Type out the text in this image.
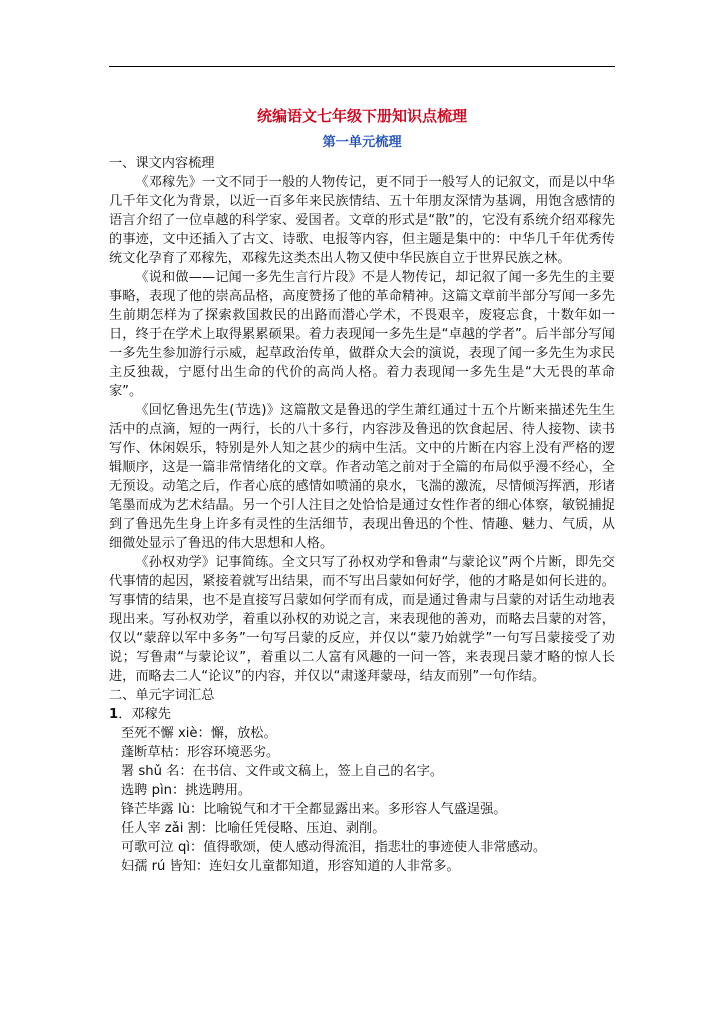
统编语文七年级下册知识点梳理
第一单元梳理
一、课文内容梳理

《邓稼先》一文不同于一般的人物传记，更不同于一般写人的记叙文，而是以中华几千年文化为背景，以近一百多年来民族情结、五十年朋友深情为基调，用饱含感情的语言介绍了一位卓越的科学家、爱国者。文章的形式是“散”的，它没有系统介绍邓稼先的事迹，文中还插入了古文、诗歌、电报等内容，但主题是集中的：中华几千年优秀传统文化孕育了邓稼先，邓稼先这类杰出人物又使中华民族自立于世界民族之林。

《说和做——记闻一多先生言行片段》不是人物传记，却记叙了闻一多先生的主要事略，表现了他的崇高品格，高度赞扬了他的革命精神。这篇文章前半部分写闻一多先生前期怎样为了探索救国救民的出路而潜心学术，不畏艰辛，废寝忘食，十数年如一日，终于在学术上取得累累硕果。着力表现闻一多先生是“卓越的学者”。后半部分写闻一多先生参加游行示威，起草政治传单，做群众大会的演说，表现了闻一多先生为求民主反独裁，宁愿付出生命的代价的高尚人格。着力表现闻一多先生是“大无畏的革命家”。

《回忆鲁迅先生(节选)》这篇散文是鲁迅的学生萧红通过十五个片断来描述先生生活中的点滴，短的一两行，长的八十多行，内容涉及鲁迅的饮食起居、待人接物、读书写作、休闲娱乐，特别是外人知之甚少的病中生活。文中的片断在内容上没有严格的逻辑顺序，这是一篇非常情绪化的文章。作者动笔之前对于全篇的布局似乎漫不经心，全无预设。动笔之后，作者心底的感情如喷涌的泉水，飞湍的激流，尽情倾泻挥洒，形诸笔墨而成为艺术结晶。另一个引人注目之处恰恰是通过女性作者的细心体察，敏锐捕捉到了鲁迅先生身上许多有灵性的生活细节，表现出鲁迅的个性、情趣、魅力、气质，从细微处显示了鲁迅的伟大思想和人格。

《孙权劝学》记事简练。全文只写了孙权劝学和鲁肃“与蒙论议”两个片断，即先交代事情的起因，紧接着就写出结果，而不写出吕蒙如何好学，他的才略是如何长进的。写事情的结果，也不是直接写吕蒙如何学而有成，而是通过鲁肃与吕蒙的对话生动地表现出来。写孙权劝学，着重以孙权的劝说之言，来表现他的善劝，而略去吕蒙的对答，仅以“蒙辞以军中多务”一句写吕蒙的反应，并仅以“蒙乃始就学”一句写吕蒙接受了劝说；写鲁肃“与蒙论议”，着重以二人富有风趣的一问一答，来表现吕蒙才略的惊人长进，而略去二人“论议”的内容，并仅以“肃遂拜蒙母，结友而别”一句作结。

二、单元字词汇总
1．邓稼先
至死不懈 xiè：懈，放松。
蓬断草枯：形容环境恶劣。
署 shǔ 名：在书信、文件或文稿上，签上自己的名字。
选聘 pìn：挑选聘用。
锋芒毕露 lù：比喻锐气和才干全都显露出来。多形容人气盛逞强。
任人宰 zǎi 割：比喻任凭侵略、压迫、剥削。
可歌可泣 qì：值得歌颂，使人感动得流泪，指悲壮的事迹使人非常感动。
妇孺 rú 皆知：连妇女儿童都知道，形容知道的人非常多。
